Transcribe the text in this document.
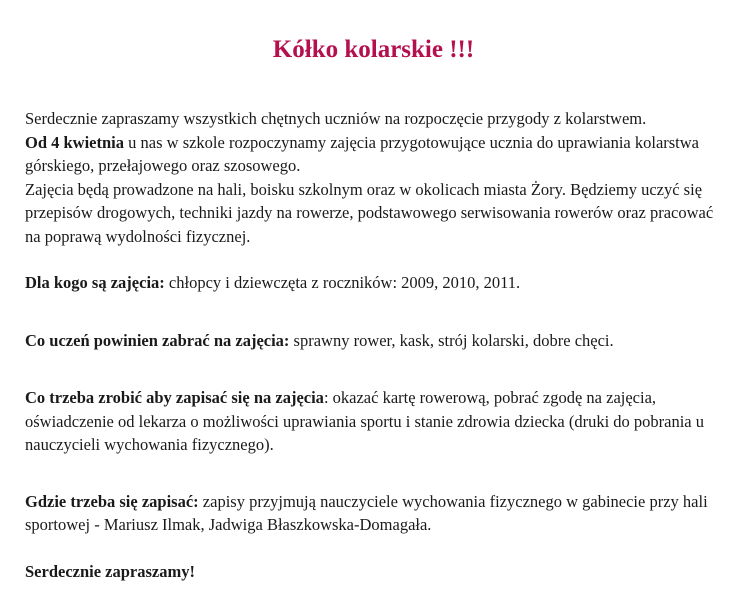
Kółko kolarskie !!!

Serdecznie zapraszamy wszystkich chętnych uczniów na rozpoczęcie przygody z kolarstwem.
Od 4 kwietnia u nas w szkole rozpoczynamy zajęcia przygotowujące ucznia do uprawiania kolarstwa górskiego, przełajowego oraz szosowego.
Zajęcia będą prowadzone na hali, boisku szkolnym oraz w okolicach miasta Żory. Będziemy uczyć się przepisów drogowych, techniki jazdy na rowerze, podstawowego serwisowania rowerów oraz pracować na poprawą wydolności fizycznej.

Dla kogo są zajęcia: chłopcy i dziewczęta z roczników: 2009, 2010, 2011.

Co uczeń powinien zabrać na zajęcia: sprawny rower, kask, strój kolarski, dobre chęci.

Co trzeba zrobić aby zapisać się na zajęcia: okazać kartę rowerową, pobrać zgodę na zajęcia, oświadczenie od lekarza o możliwości uprawiania sportu i stanie zdrowia dziecka (druki do pobrania u nauczycieli wychowania fizycznego).

Gdzie trzeba się zapisać: zapisy przyjmują nauczyciele wychowania fizycznego w gabinecie przy hali sportowej - Mariusz Ilmak, Jadwiga Błaszkowska-Domagała.

Serdecznie zapraszamy!
